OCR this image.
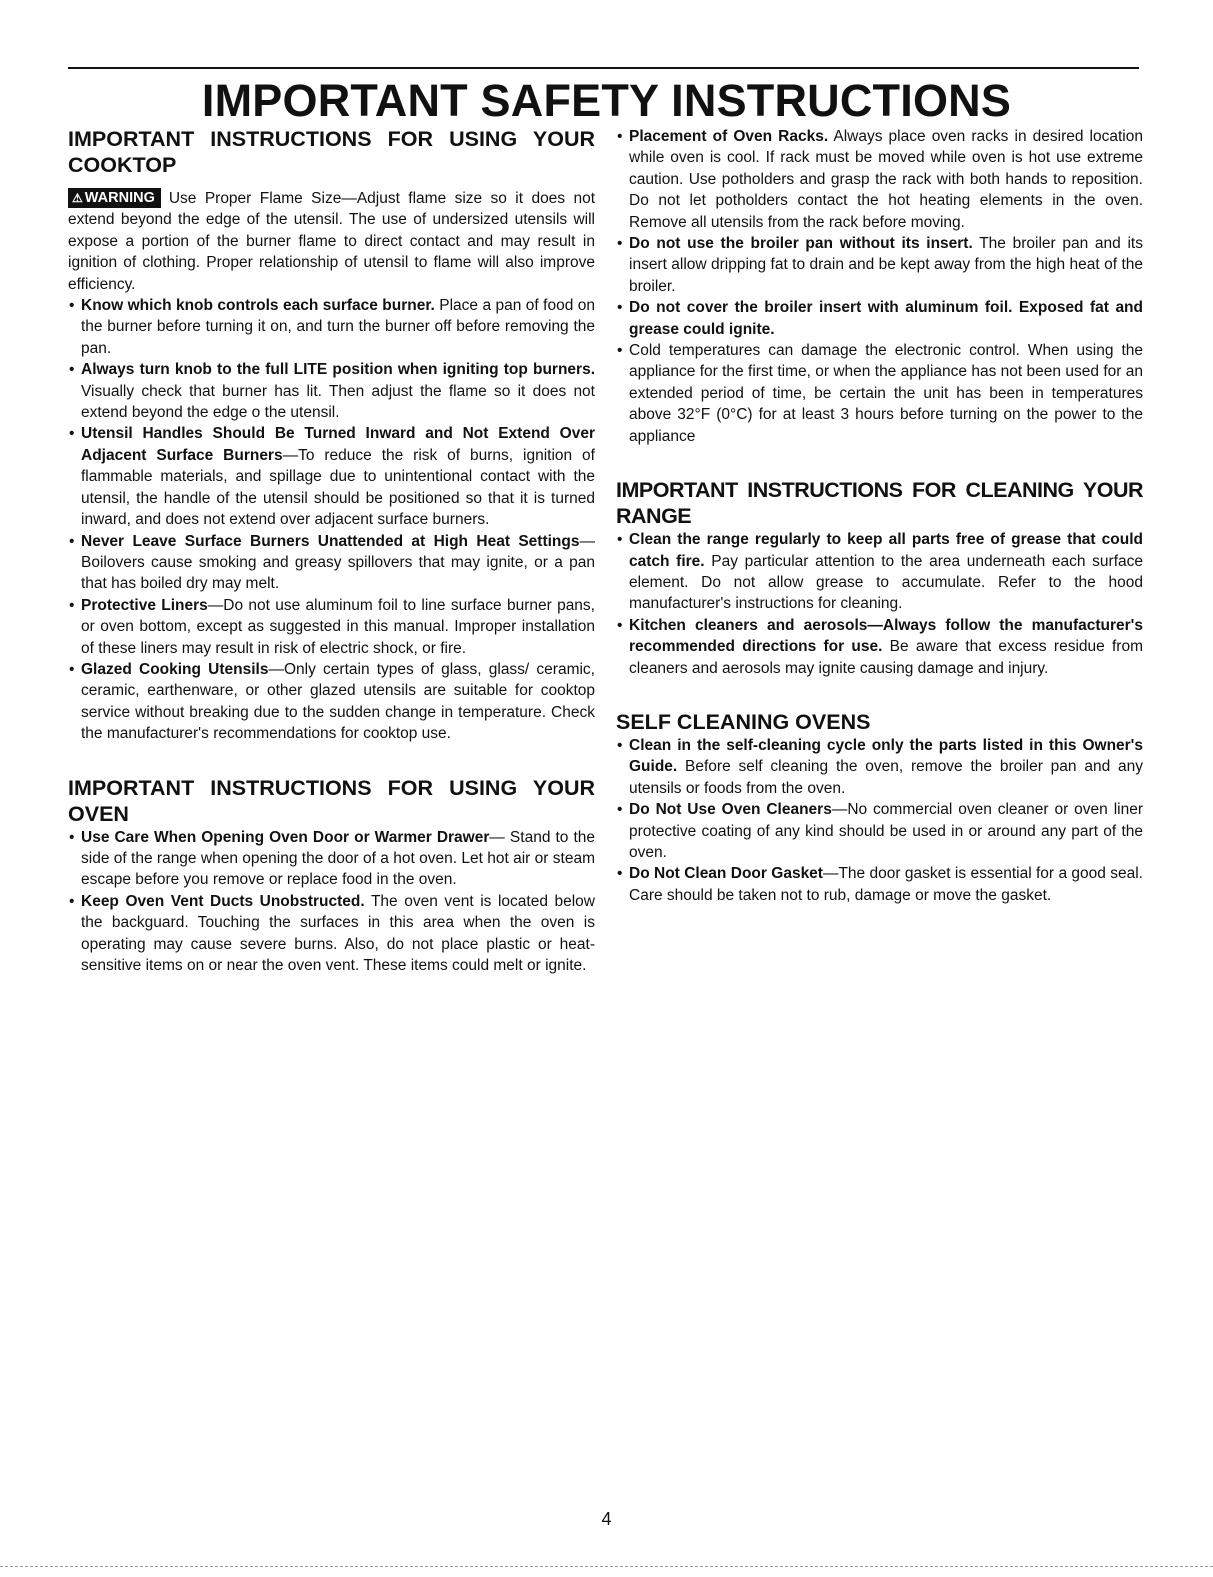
IMPORTANT SAFETY INSTRUCTIONS
IMPORTANT INSTRUCTIONS FOR USING YOUR COOKTOP

⚠ WARNING Use Proper Flame Size—Adjust flame size so it does not extend beyond the edge of the utensil. The use of undersized utensils will expose a portion of the burner flame to direct contact and may result in ignition of clothing. Proper relationship of utensil to flame will also improve efficiency.

• Know which knob controls each surface burner. Place a pan of food on the burner before turning it on, and turn the burner off before removing the pan.
• Always turn knob to the full LITE position when igniting top burners. Visually check that burner has lit. Then adjust the flame so it does not extend beyond the edge o the utensil.
• Utensil Handles Should Be Turned Inward and Not Extend Over Adjacent Surface Burners—To reduce the risk of burns, ignition of flammable materials, and spillage due to unintentional contact with the utensil, the handle of the utensil should be positioned so that it is turned inward, and does not extend over adjacent surface burners.
• Never Leave Surface Burners Unattended at High Heat Settings—Boilovers cause smoking and greasy spillovers that may ignite, or a pan that has boiled dry may melt.
• Protective Liners—Do not use aluminum foil to line surface burner pans, or oven bottom, except as suggested in this manual. Improper installation of these liners may result in risk of electric shock, or fire.
• Glazed Cooking Utensils—Only certain types of glass, glass/ ceramic, ceramic, earthenware, or other glazed utensils are suitable for cooktop service without breaking due to the sudden change in temperature. Check the manufacturer's recommendations for cooktop use.
IMPORTANT INSTRUCTIONS FOR USING YOUR OVEN
• Use Care When Opening Oven Door or Warmer Drawer— Stand to the side of the range when opening the door of a hot oven. Let hot air or steam escape before you remove or replace food in the oven.
• Keep Oven Vent Ducts Unobstructed. The oven vent is located below the backguard. Touching the surfaces in this area when the oven is operating may cause severe burns. Also, do not place plastic or heat-sensitive items on or near the oven vent. These items could melt or ignite.
• Placement of Oven Racks. Always place oven racks in desired location while oven is cool. If rack must be moved while oven is hot use extreme caution. Use potholders and grasp the rack with both hands to reposition. Do not let potholders contact the hot heating elements in the oven. Remove all utensils from the rack before moving.
• Do not use the broiler pan without its insert. The broiler pan and its insert allow dripping fat to drain and be kept away from the high heat of the broiler.
• Do not cover the broiler insert with aluminum foil. Exposed fat and grease could ignite.
• Cold temperatures can damage the electronic control. When using the appliance for the first time, or when the appliance has not been used for an extended period of time, be certain the unit has been in temperatures above 32°F (0°C) for at least 3 hours before turning on the power to the appliance
IMPORTANT INSTRUCTIONS FOR CLEANING YOUR RANGE
• Clean the range regularly to keep all parts free of grease that could catch fire. Pay particular attention to the area underneath each surface element. Do not allow grease to accumulate. Refer to the hood manufacturer's instructions for cleaning.
• Kitchen cleaners and aerosols—Always follow the manufacturer's recommended directions for use. Be aware that excess residue from cleaners and aerosols may ignite causing damage and injury.
SELF CLEANING OVENS
• Clean in the self-cleaning cycle only the parts listed in this Owner's Guide. Before self cleaning the oven, remove the broiler pan and any utensils or foods from the oven.
• Do Not Use Oven Cleaners—No commercial oven cleaner or oven liner protective coating of any kind should be used in or around any part of the oven.
• Do Not Clean Door Gasket—The door gasket is essential for a good seal. Care should be taken not to rub, damage or move the gasket.
4
